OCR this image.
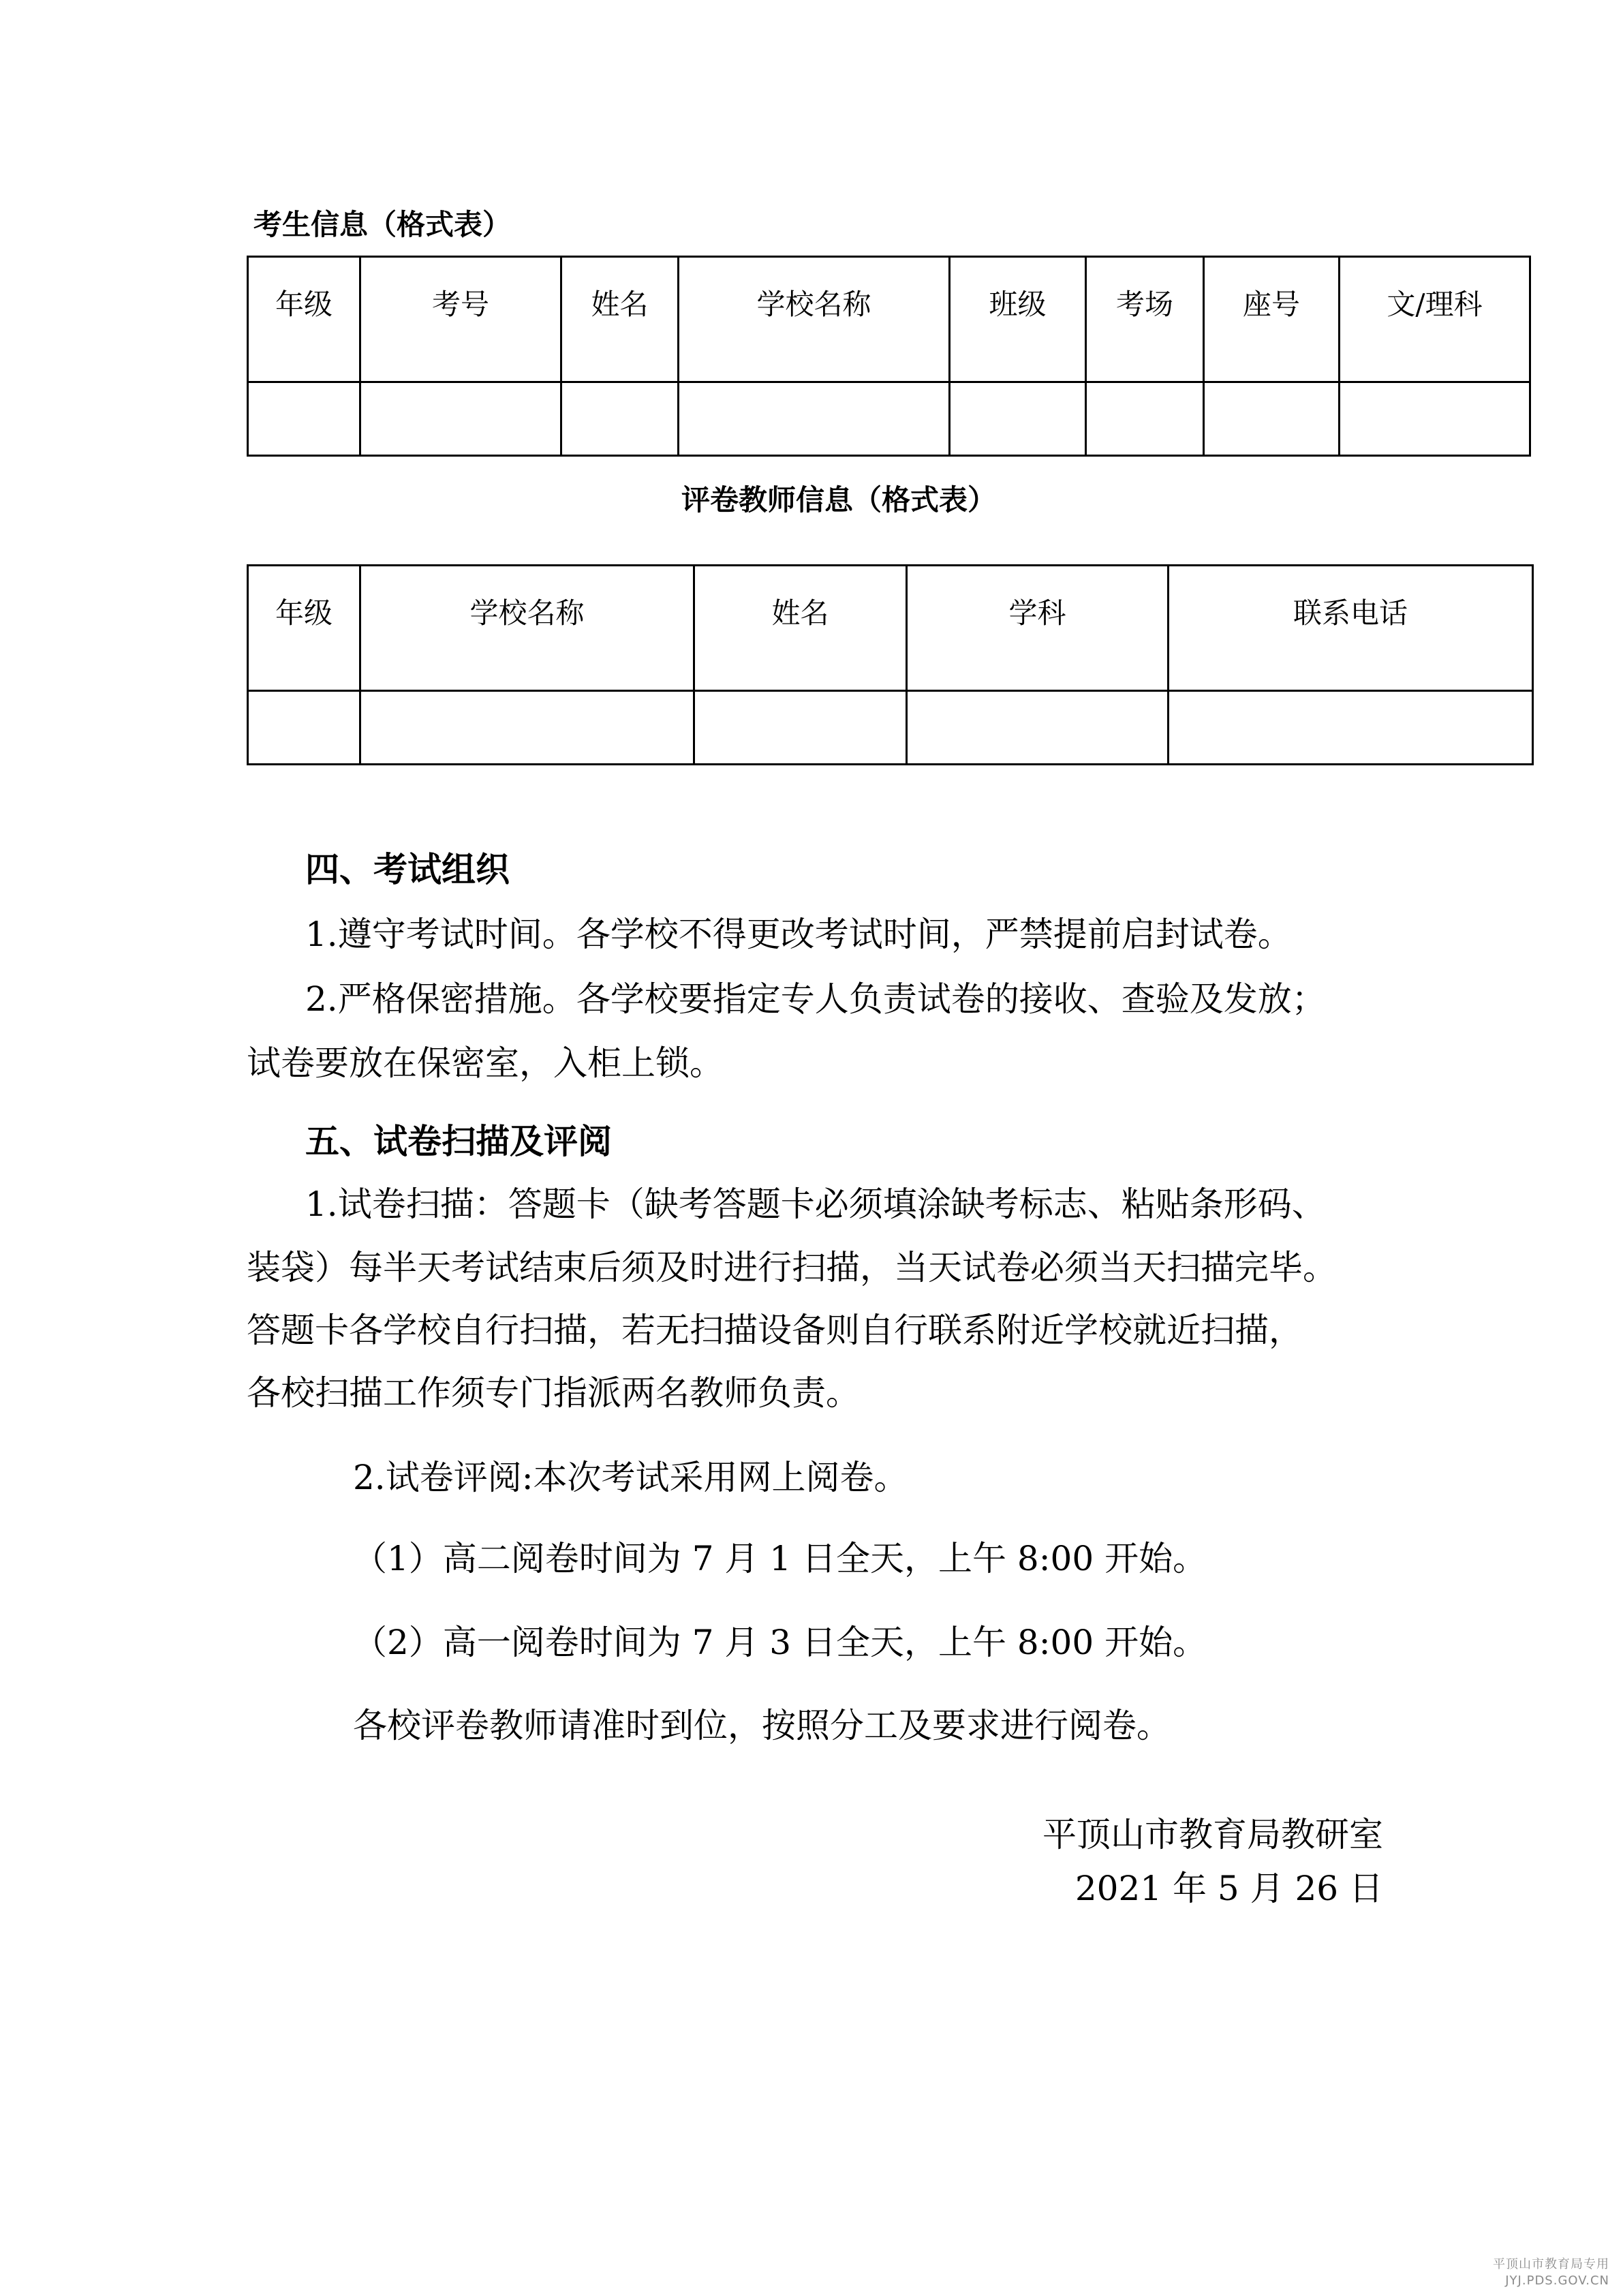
考生信息（格式表）
年级	考号	姓名	学校名称	班级	考场	座号	文/理科

评卷教师信息（格式表）
年级	学校名称	姓名	学科	联系电话

四、考试组织
1.遵守考试时间。各学校不得更改考试时间，严禁提前启封试卷。
2.严格保密措施。各学校要指定专人负责试卷的接收、查验及发放；
试卷要放在保密室，入柜上锁。
五、试卷扫描及评阅
1.试卷扫描：答题卡（缺考答题卡必须填涂缺考标志、粘贴条形码、
装袋）每半天考试结束后须及时进行扫描，当天试卷必须当天扫描完毕。
答题卡各学校自行扫描，若无扫描设备则自行联系附近学校就近扫描，
各校扫描工作须专门指派两名教师负责。
2.试卷评阅:本次考试采用网上阅卷。
（1）高二阅卷时间为 7 月 1 日全天，上午 8:00 开始。
（2）高一阅卷时间为 7 月 3 日全天，上午 8:00 开始。
各校评卷教师请准时到位，按照分工及要求进行阅卷。
平顶山市教育局教研室
2021 年 5 月 26 日
平顶山市教育局专用
JYJ.PDS.GOV.CN
